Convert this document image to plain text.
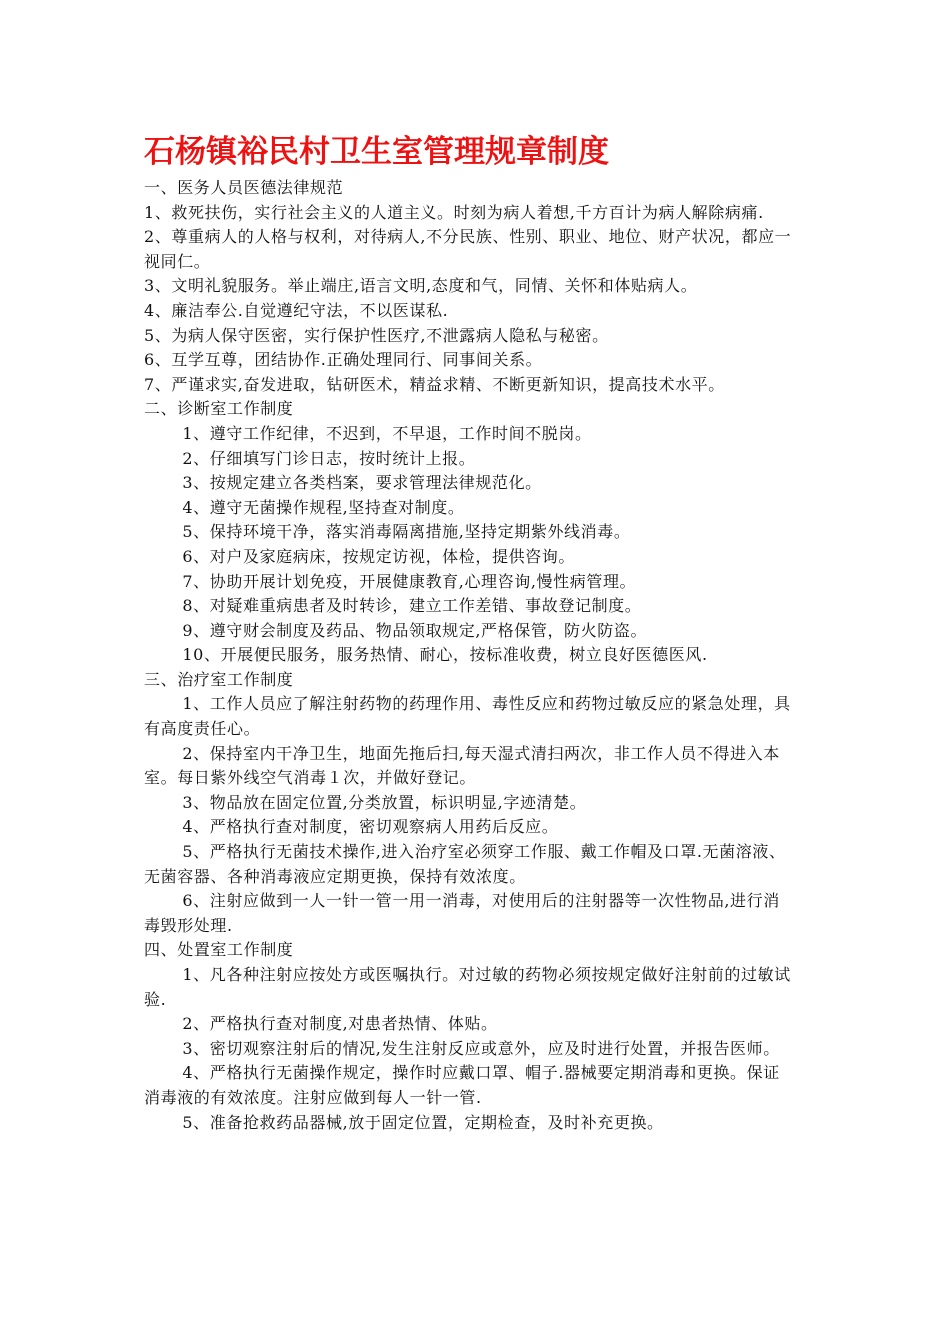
石杨镇裕民村卫生室管理规章制度
一、医务人员医德法律规范
1、救死扶伤，实行社会主义的人道主义。时刻为病人着想,千方百计为病人解除病痛.
2、尊重病人的人格与权利，对待病人,不分民族、性别、职业、地位、财产状况，都应一视同仁。
3、文明礼貌服务。举止端庄,语言文明,态度和气，同情、关怀和体贴病人。
4、廉洁奉公.自觉遵纪守法，不以医谋私.
5、为病人保守医密，实行保护性医疗,不泄露病人隐私与秘密。
6、互学互尊，团结协作.正确处理同行、同事间关系。
7、严谨求实,奋发进取，钻研医术，精益求精、不断更新知识，提高技术水平。
二、诊断室工作制度
1、遵守工作纪律，不迟到，不早退，工作时间不脱岗。
2、仔细填写门诊日志，按时统计上报。
3、按规定建立各类档案，要求管理法律规范化。
4、遵守无菌操作规程,坚持查对制度。
5、保持环境干净，落实消毒隔离措施,坚持定期紫外线消毒。
6、对户及家庭病床，按规定访视，体检，提供咨询。
7、协助开展计划免疫，开展健康教育,心理咨询,慢性病管理。
8、对疑难重病患者及时转诊，建立工作差错、事故登记制度。
9、遵守财会制度及药品、物品领取规定,严格保管，防火防盗。
10、开展便民服务，服务热情、耐心，按标准收费，树立良好医德医风.
三、治疗室工作制度
1、工作人员应了解注射药物的药理作用、毒性反应和药物过敏反应的紧急处理，具有高度责任心。
2、保持室内干净卫生，地面先拖后扫,每天湿式清扫两次，非工作人员不得进入本室。每日紫外线空气消毒１次，并做好登记。
3、物品放在固定位置,分类放置，标识明显,字迹清楚。
4、严格执行查对制度，密切观察病人用药后反应。
5、严格执行无菌技术操作,进入治疗室必须穿工作服、戴工作帽及口罩.无菌溶液、无菌容器、各种消毒液应定期更换，保持有效浓度。
6、注射应做到一人一针一管一用一消毒，对使用后的注射器等一次性物品,进行消毒毁形处理.
四、处置室工作制度
1、凡各种注射应按处方或医嘱执行。对过敏的药物必须按规定做好注射前的过敏试验.
2、严格执行查对制度,对患者热情、体贴。
3、密切观察注射后的情况,发生注射反应或意外，应及时进行处置，并报告医师。
4、严格执行无菌操作规定，操作时应戴口罩、帽子.器械要定期消毒和更换。保证消毒液的有效浓度。注射应做到每人一针一管.
5、准备抢救药品器械,放于固定位置，定期检查，及时补充更换。
